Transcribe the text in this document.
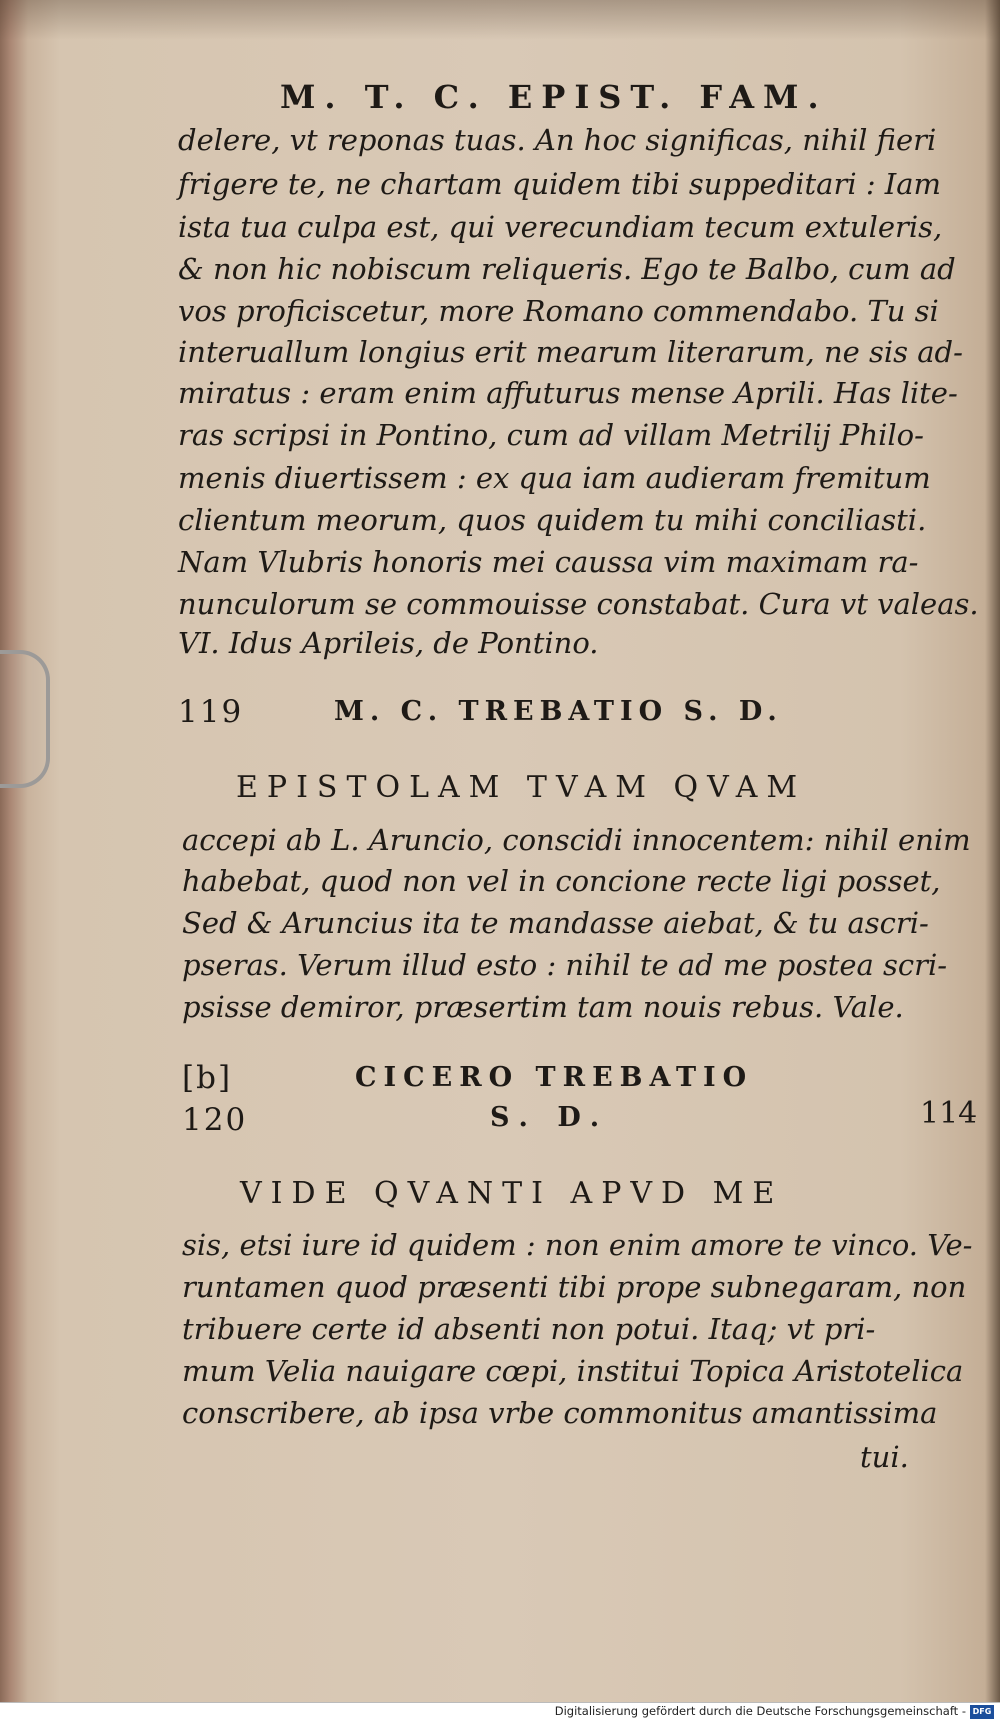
M. T. C. EPIST. FAM.
delere, vt reponas tuas. An hoc significas, nihil fieri
frigere te, ne chartam quidem tibi suppeditari : Iam
ista tua culpa est, qui verecundiam tecum extuleris,
& non hic nobiscum reliqueris. Ego te Balbo, cum ad
vos proficiscetur, more Romano commendabo. Tu si
interuallum longius erit mearum literarum, ne sis ad-
miratus : eram enim affuturus mense Aprili. Has lite-
ras scripsi in Pontino, cum ad villam Metrilij Philo-
menis diuertissem : ex qua iam audieram fremitum
clientum meorum, quos quidem tu mihi conciliasti.
Nam Vlubris honoris mei caussa vim maximam ra-
nunculorum se commouisse constabat. Cura vt valeas.
VI. Idus Aprileis, de Pontino.
119	M. C. TREBATIO S. D.
EPISTOLAM TVAM QVAM
accepi ab L. Aruncio, conscidi innocentem: nihil enim
habebat, quod non vel in concione recte ligi posset,
Sed & Aruncius ita te mandasse aiebat, & tu ascri-
pseras. Verum illud esto : nihil te ad me postea scri-
psisse demiror, præsertim tam nouis rebus. Vale.
[b]	CICERO TREBATIO
120	S. D.	114
VIDE QVANTI APVD ME
sis, etsi iure id quidem : non enim amore te vinco. Ve-
runtamen quod præsenti tibi prope subnegaram, non
tribuere certe id absenti non potui. Itaq; vt pri-
mum Velia nauigare cœpi, institui Topica Aristotelica
conscribere, ab ipsa vrbe commonitus amantissima
tui.
Digitalisierung gefördert durch die Deutsche Forschungsgemeinschaft - DFG
